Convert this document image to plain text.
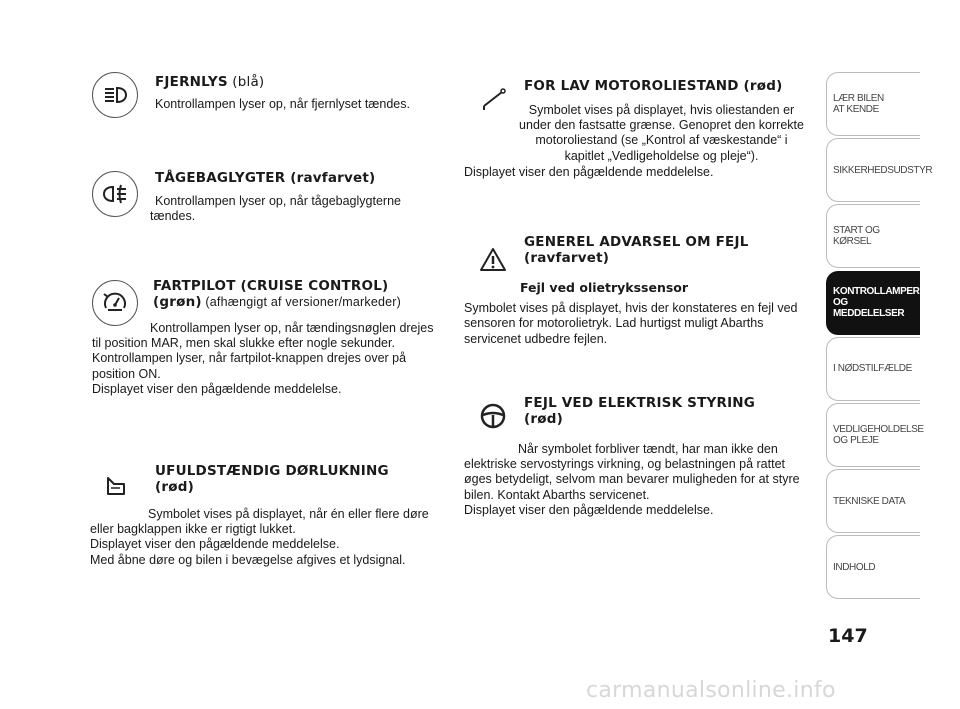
FJERNLYS (blå)

Kontrollampen lyser op, når fjernlyset tændes.

TÅGEBAGLYGTER (ravfarvet)

Kontrollampen lyser op, når tågebaglygterne tændes.

FARTPILOT (CRUISE CONTROL)
(grøn) (afhængigt af versioner/markeder)

Kontrollampen lyser op, når tændingsnøglen drejes til position MAR, men skal slukke efter nogle sekunder.

Kontrollampen lyser, når fartpilot-knappen drejes over på position ON.

Displayet viser den pågældende meddelelse.

UFULDSTÆNDIG DØRLUKNING
(rød)

Symbolet vises på displayet, når én eller flere døre eller bagklappen ikke er rigtigt lukket.

Displayet viser den pågældende meddelelse.

Med åbne døre og bilen i bevægelse afgives et lydsignal.

FOR LAV MOTOROLIESTAND (rød)

Symbolet vises på displayet, hvis oliestanden er under den fastsatte grænse. Genopret den korrekte motoroliestand (se „Kontrol af væskestande“ i kapitlet „Vedligeholdelse og pleje“).

Displayet viser den pågældende meddelelse.

GENEREL ADVARSEL OM FEJL
(ravfarvet)

Fejl ved olietrykssensor

Symbolet vises på displayet, hvis der konstateres en fejl ved sensoren for motorolietryk. Lad hurtigst muligt Abarths servicenet udbedre fejlen.

FEJL VED ELEKTRISK STYRING
(rød)

Når symbolet forbliver tændt, har man ikke den elektriske servostyrings virkning, og belastningen på rattet øges betydeligt, selvom man bevarer muligheden for at styre bilen. Kontakt Abarths servicenet.

Displayet viser den pågældende meddelelse.

LÆR BILEN
AT KENDE
SIKKERHEDSUDSTYR
START OG KØRSEL
KONTROLLAMPER
OG MEDDELELSER
I NØDSTILFÆLDE
VEDLIGEHOLDELSE
OG PLEJE
TEKNISKE DATA
INDHOLD
147
carmanualsonline.info
